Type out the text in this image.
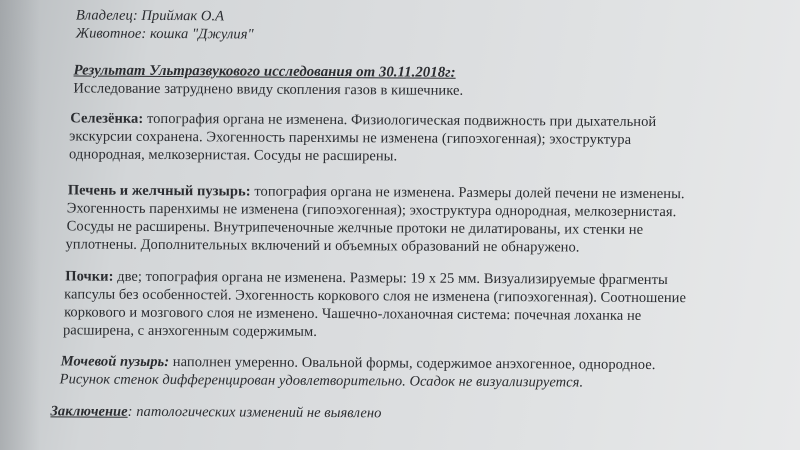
Владелец: Приймак О.А
Животное: кошка "Джулия"
Результат Ультразвукового исследования от 30.11.2018г:
Исследование затруднено ввиду скопления газов в кишечнике.
Селезёнка: топография органа не изменена. Физиологическая подвижность при дыхательной
экскурсии сохранена. Эхогенность паренхимы не изменена (гипоэхогенная); эхоструктура
однородная, мелкозернистая. Сосуды не расширены.
Печень и желчный пузырь: топография органа не изменена. Размеры долей печени не изменены.
Эхогенность паренхимы не изменена (гипоэхогенная); эхоструктура однородная, мелкозернистая.
Сосуды не расширены. Внутрипеченочные желчные протоки не дилатированы, их стенки не
уплотнены. Дополнительных включений и объемных образований не обнаружено.
Почки: две; топография органа не изменена. Размеры: 19 х 25 мм. Визуализируемые фрагменты
капсулы без особенностей. Эхогенность коркового слоя не изменена (гипоэхогенная). Соотношение
коркового и мозгового слоя не изменено. Чашечно-лоханочная система: почечная лоханка не
расширена, с анэхогенным содержимым.
Мочевой пузырь: наполнен умеренно. Овальной формы, содержимое анэхогенное, однородное.
Рисунок стенок дифференцирован удовлетворительно. Осадок не визуализируется.
Заключение: патологических изменений не выявлено
